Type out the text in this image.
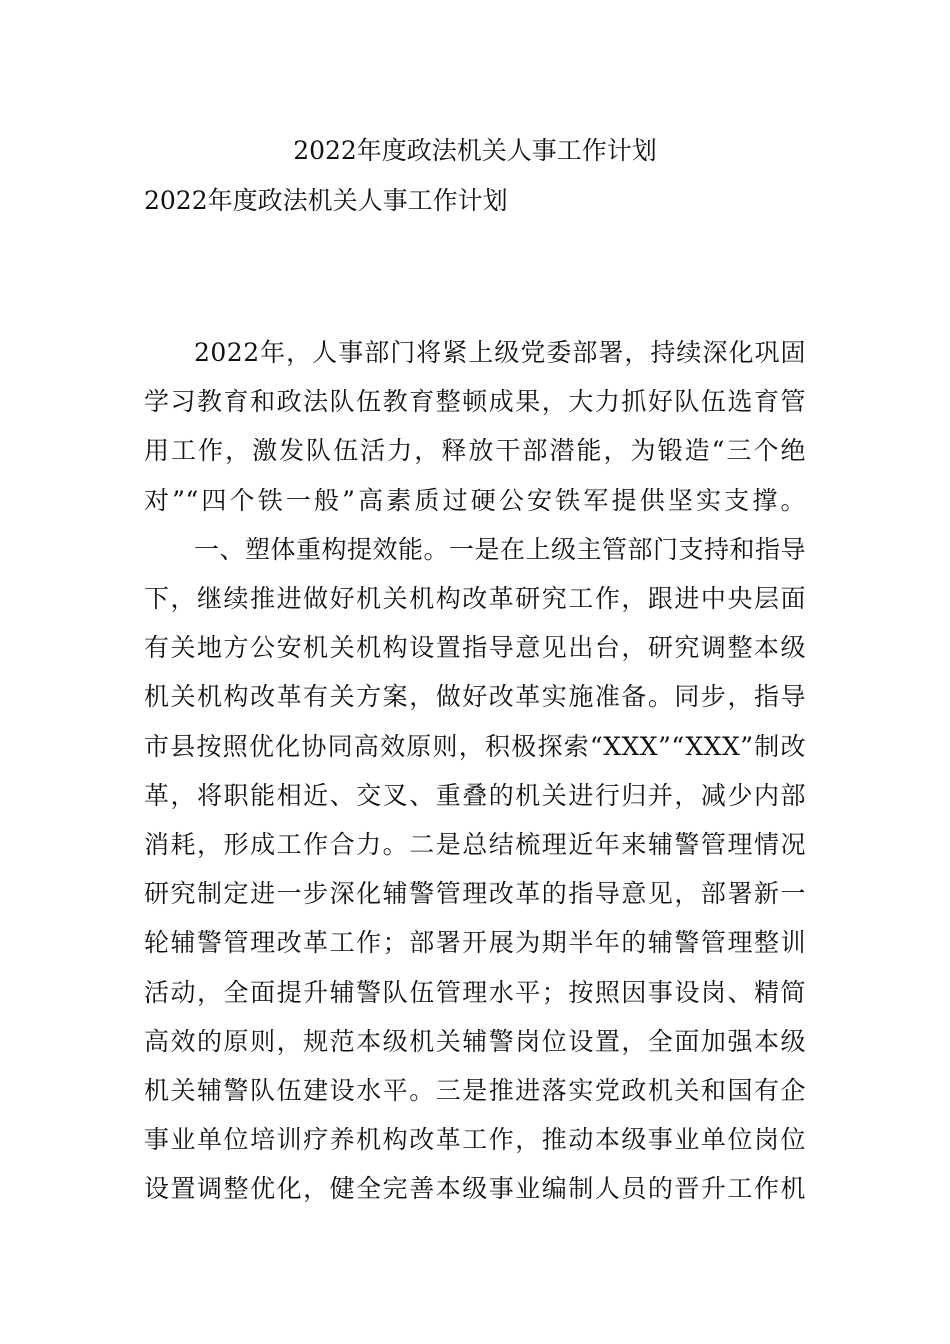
2022年度政法机关人事工作计划
2022年度政法机关人事工作计划

2022年，人事部门将紧上级党委部署，持续深化巩固学习教育和政法队伍教育整顿成果，大力抓好队伍选育管用工作，激发队伍活力，释放干部潜能，为锻造“三个绝对”“四个铁一般”高素质过硬公安铁军提供坚实支撑。

一、塑体重构提效能。一是在上级主管部门支持和指导下，继续推进做好机关机构改革研究工作，跟进中央层面有关地方公安机关机构设置指导意见出台，研究调整本级机关机构改革有关方案，做好改革实施准备。同步，指导市县按照优化协同高效原则，积极探索“XXX”“XXX”制改革，将职能相近、交叉、重叠的机关进行归并，减少内部消耗，形成工作合力。二是总结梳理近年来辅警管理情况研究制定进一步深化辅警管理改革的指导意见，部署新一轮辅警管理改革工作；部署开展为期半年的辅警管理整训活动，全面提升辅警队伍管理水平；按照因事设岗、精简高效的原则，规范本级机关辅警岗位设置，全面加强本级机关辅警队伍建设水平。三是推进落实党政机关和国有企事业单位培训疗养机构改革工作，推动本级事业单位岗位设置调整优化，健全完善本级事业编制人员的晋升工作机
